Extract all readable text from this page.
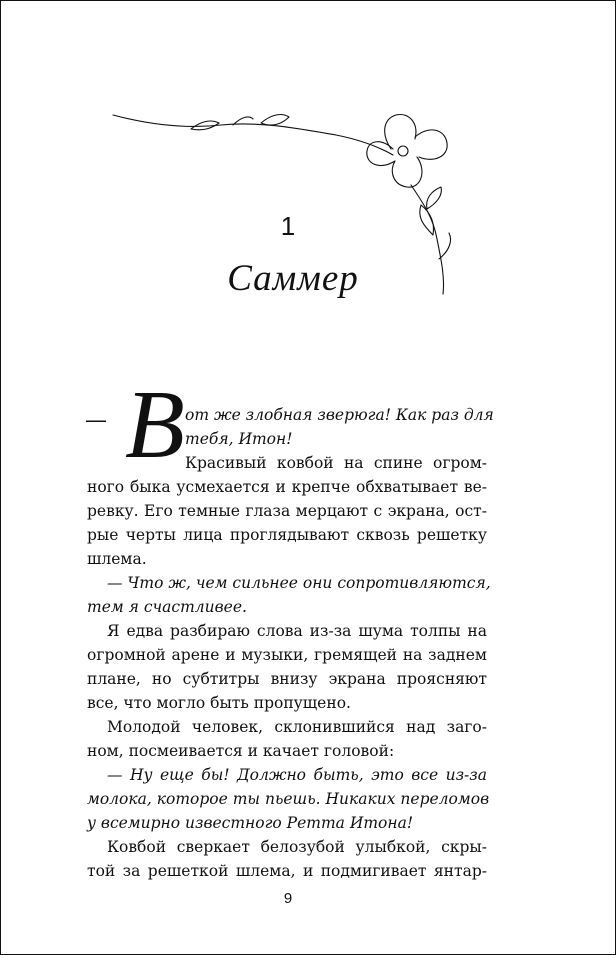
1
Саммер
— В от же злобная зверюга! Как раз для
тебя, Итон!
Красивый ковбой на спине огром-
ного быка усмехается и крепче обхватывает ве-
ревку. Его темные глаза мерцают с экрана, ост-
рые черты лица проглядывают сквозь решетку
шлема.
— Что ж, чем сильнее они сопротивляются,
тем я счастливее.
Я едва разбираю слова из-за шума толпы на
огромной арене и музыки, гремящей на заднем
плане, но субтитры внизу экрана проясняют
все, что могло быть пропущено.
Молодой человек, склонившийся над заго-
ном, посмеивается и качает головой:
— Ну еще бы! Должно быть, это все из-за
молока, которое ты пьешь. Никаких переломов
у всемирно известного Ретта Итона!
Ковбой сверкает белозубой улыбкой, скры-
той за решеткой шлема, и подмигивает янтар-
9
